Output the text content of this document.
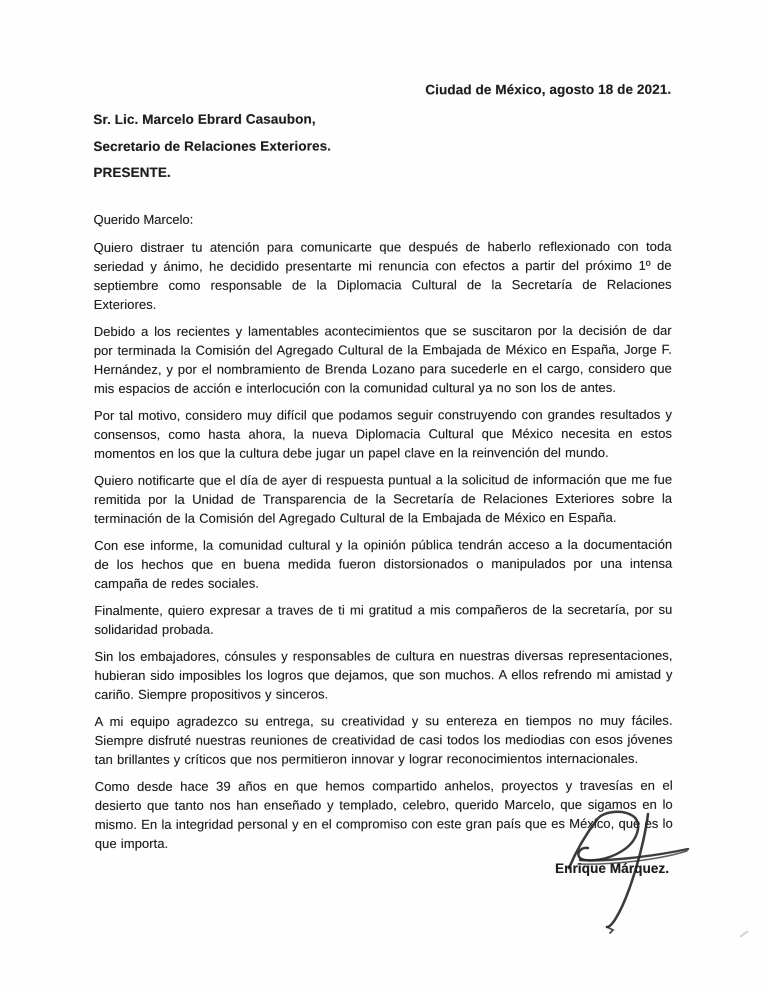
Ciudad de México, agosto 18 de 2021.
Sr. Lic. Marcelo Ebrard Casaubon,
Secretario de Relaciones Exteriores.
PRESENTE.
Querido Marcelo:

Quiero distraer tu atención para comunicarte que después de haberlo reflexionado con toda seriedad y ánimo, he decidido presentarte mi renuncia con efectos a partir del próximo 1º de septiembre como responsable de la Diplomacia Cultural de la Secretaría de Relaciones Exteriores.

Debido a los recientes y lamentables acontecimientos que se suscitaron por la decisión de dar por terminada la Comisión del Agregado Cultural de la Embajada de México en España, Jorge F. Hernández, y por el nombramiento de Brenda Lozano para sucederle en el cargo, considero que mis espacios de acción e interlocución con la comunidad cultural ya no son los de antes.

Por tal motivo, considero muy difícil que podamos seguir construyendo con grandes resultados y consensos, como hasta ahora, la nueva Diplomacia Cultural que México necesita en estos momentos en los que la cultura debe jugar un papel clave en la reinvención del mundo.

Quiero notificarte que el día de ayer di respuesta puntual a la solicitud de información que me fue remitida por la Unidad de Transparencia de la Secretaría de Relaciones Exteriores sobre la terminación de la Comisión del Agregado Cultural de la Embajada de México en España.

Con ese informe, la comunidad cultural y la opinión pública tendrán acceso a la documentación de los hechos que en buena medida fueron distorsionados o manipulados por una intensa campaña de redes sociales.

Finalmente, quiero expresar a traves de ti mi gratitud a mis compañeros de la secretaría, por su solidaridad probada.

Sin los embajadores, cónsules y responsables de cultura en nuestras diversas representaciones, hubieran sido imposibles los logros que dejamos, que son muchos. A ellos refrendo mi amistad y cariño. Siempre propositivos y sinceros.

A mi equipo agradezco su entrega, su creatividad y su entereza en tiempos no muy fáciles. Siempre disfruté nuestras reuniones de creatividad de casi todos los mediodias con esos jóvenes tan brillantes y críticos que nos permitieron innovar y lograr reconocimientos internacionales.

Como desde hace 39 años en que hemos compartido anhelos, proyectos y travesías en el desierto que tanto nos han enseñado y templado, celebro, querido Marcelo, que sigamos en lo mismo. En la integridad personal y en el compromiso con este gran país que es México, que es lo que importa.

Enrique Márquez.
